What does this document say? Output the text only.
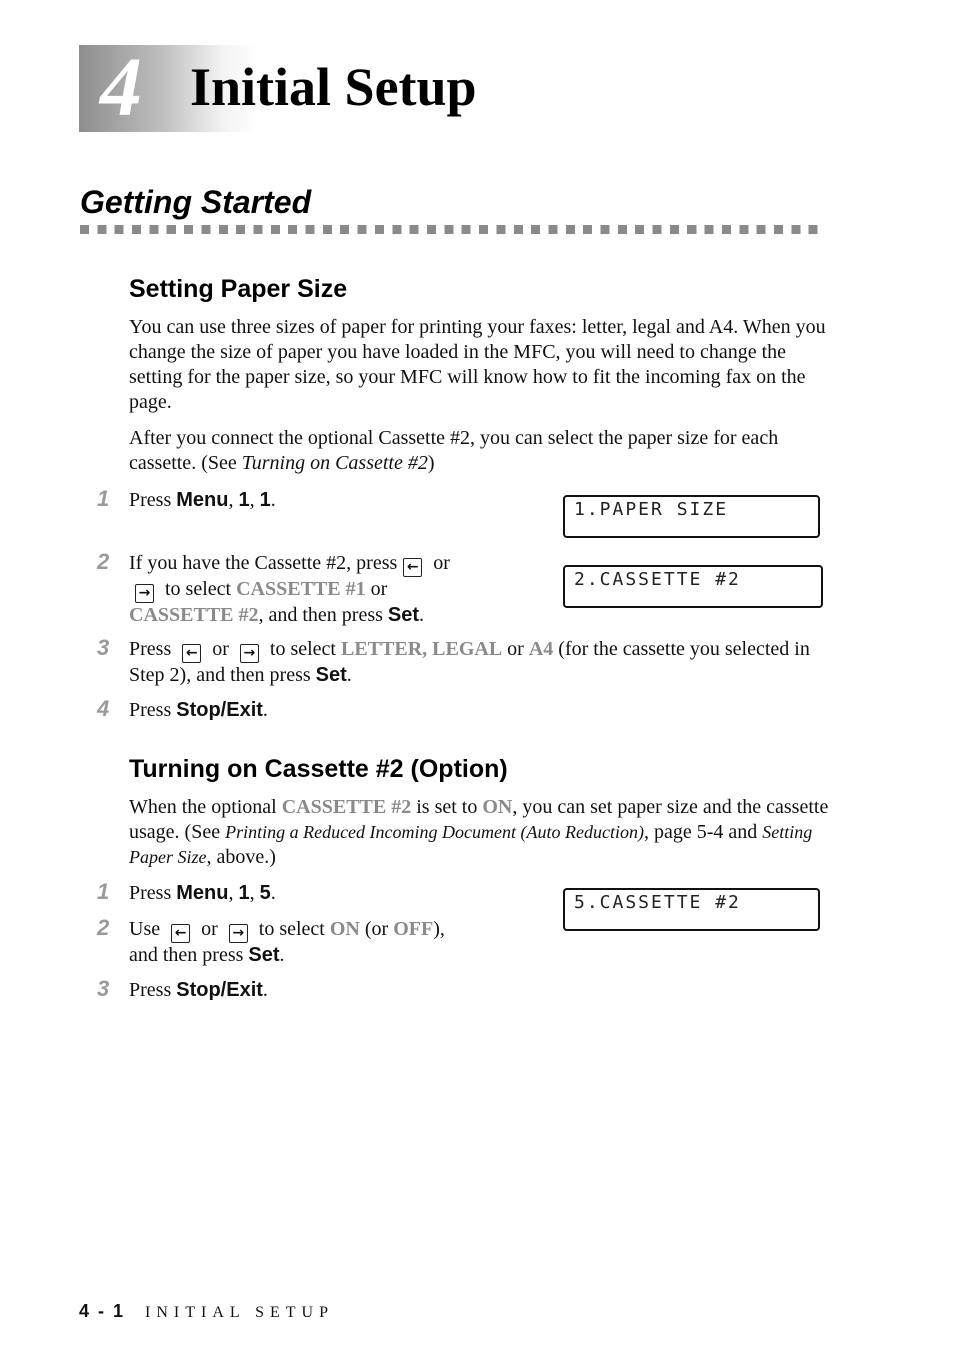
4 Initial Setup
Getting Started
Setting Paper Size

You can use three sizes of paper for printing your faxes: letter, legal and A4. When you change the size of paper you have loaded in the MFC, you will need to change the setting for the paper size, so your MFC will know how to fit the incoming fax on the page.

After you connect the optional Cassette #2, you can select the paper size for each cassette. (See Turning on Cassette #2)

1 Press Menu, 1, 1.	1.PAPER SIZE
2 If you have the Cassette #2, press ← or
→ to select CASSETTE #1 or
CASSETTE #2, and then press Set.
2.CASSETTE #2
3 Press ← or → to select LETTER, LEGAL or A4 (for the cassette you selected in Step 2), and then press Set.
4 Press Stop/Exit.
Turning on Cassette #2 (Option)

When the optional CASSETTE #2 is set to ON, you can set paper size and the cassette usage. (See Printing a Reduced Incoming Document (Auto Reduction), page 5-4 and Setting Paper Size, above.)

1 Press Menu, 1, 5.	5.CASSETTE #2
2 Use ← or → to select ON (or OFF),
and then press Set.
3 Press Stop/Exit.
4 - 1 INITIAL SETUP
